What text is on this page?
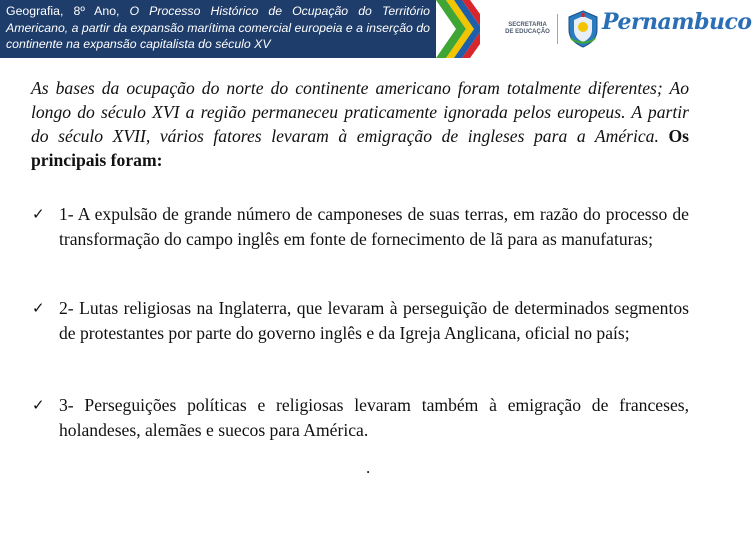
Geografia, 8º Ano, O Processo Histórico de Ocupação do Território Americano, a partir da expansão marítima comercial europeia e a inserção do continente na expansão capitalista do século XV
SECRETARIA
DE EDUCAÇÃO Pernambuco
As bases da ocupação do norte do continente americano foram totalmente diferentes; Ao longo do século XVI a região permaneceu praticamente ignorada pelos europeus. A partir do século XVII, vários fatores levaram à emigração de ingleses para a América. Os principais foram:
✓ 1- A expulsão de grande número de camponeses de suas terras, em razão do processo de transformação do campo inglês em fonte de fornecimento de lã para as manufaturas;
✓ 2- Lutas religiosas na Inglaterra, que levaram à perseguição de determinados segmentos de protestantes por parte do governo inglês e da Igreja Anglicana, oficial no país;
✓ 3- Perseguições políticas e religiosas levaram também à emigração de franceses, holandeses, alemães e suecos para América.
.
